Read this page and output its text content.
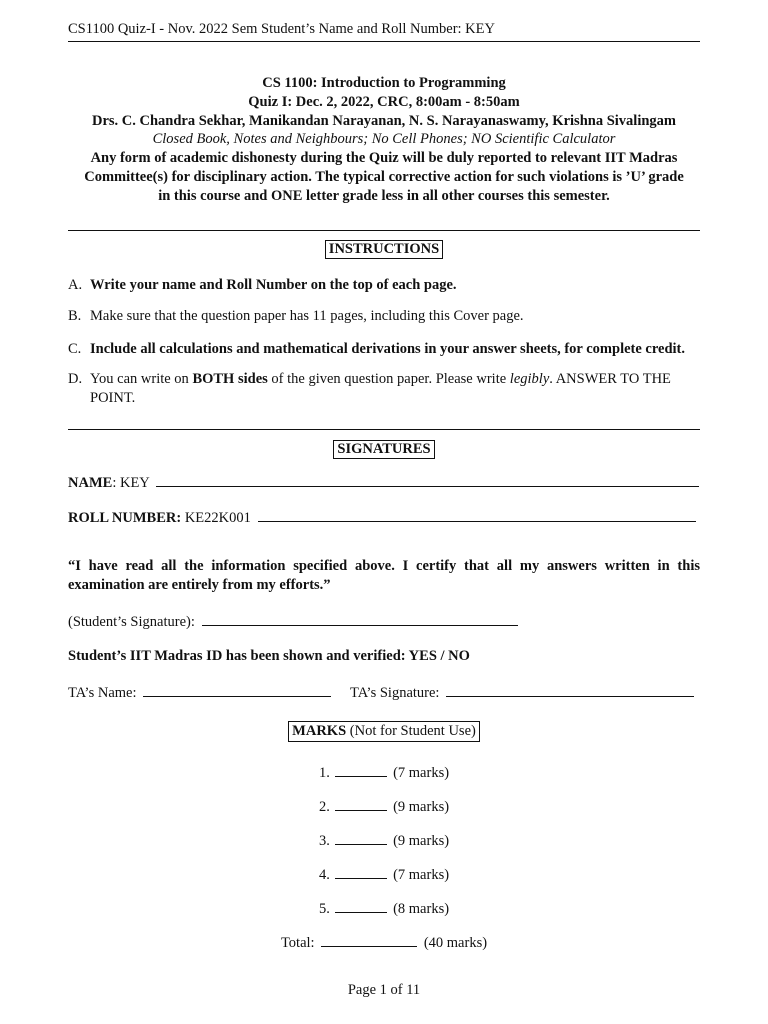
CS1100 Quiz-I - Nov. 2022 Sem Student’s Name and Roll Number: KEY
CS 1100: Introduction to Programming
Quiz I: Dec. 2, 2022, CRC, 8:00am - 8:50am
Drs. C. Chandra Sekhar, Manikandan Narayanan, N. S. Narayanaswamy, Krishna Sivalingam
Closed Book, Notes and Neighbours; No Cell Phones; NO Scientific Calculator
Any form of academic dishonesty during the Quiz will be duly reported to relevant IIT Madras
Committee(s) for disciplinary action. The typical corrective action for such violations is ’U’ grade
in this course and ONE letter grade less in all other courses this semester.
INSTRUCTIONS
A. Write your name and Roll Number on the top of each page.
B. Make sure that the question paper has 11 pages, including this Cover page.
C. Include all calculations and mathematical derivations in your answer sheets, for complete credit.
D. You can write on BOTH sides of the given question paper. Please write legibly. ANSWER TO THE POINT.
SIGNATURES
NAME: KEY
ROLL NUMBER: KE22K001
“I have read all the information specified above. I certify that all my answers written in this examination are entirely from my efforts.”
(Student’s Signature):
Student’s IIT Madras ID has been shown and verified: YES / NO
TA’s Name:	TA’s Signature:
MARKS (Not for Student Use)
1.	(7 marks)
2.	(9 marks)
3.	(9 marks)
4.	(7 marks)
5.	(8 marks)
Total:	(40 marks)
Page 1 of 11
